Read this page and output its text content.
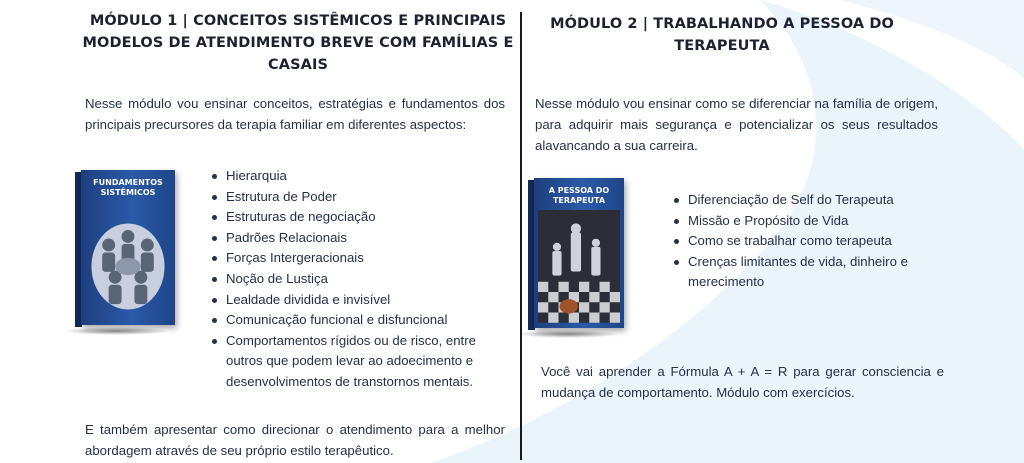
MÓDULO 1 | CONCEITOS SISTÊMICOS E PRINCIPAIS MODELOS DE ATENDIMENTO BREVE COM FAMÍLIAS E CASAIS

Nesse módulo vou ensinar conceitos, estratégias e fundamentos dos principais precursores da terapia familiar em diferentes aspectos:

FUNDAMENTOS SISTÊMICOS
Hierarquia
Estrutura de Poder
Estruturas de negociação
Padrões Relacionais
Forças Intergeracionais
Noção de Lustiça
Lealdade dividida e invisível
Comunicação funcional e disfuncional
Comportamentos rígidos ou de risco, entre outros que podem levar ao adoecimento e desenvolvimentos de transtornos mentais.

E também apresentar como direcionar o atendimento para a melhor abordagem através de seu próprio estilo terapêutico.

MÓDULO 2 | TRABALHANDO A PESSOA DO TERAPEUTA

Nesse módulo vou ensinar como se diferenciar na família de origem, para adquirir mais segurança e potencializar os seus resultados alavancando a sua carreira.

A PESSOA DO TERAPEUTA	Diferenciação de Self do Terapeuta
Missão e Propósito de Vida
Como se trabalhar como terapeuta
Crenças limitantes de vida, dinheiro e merecimento

Você vai aprender a Fórmula A + A = R para gerar consciencia e mudança de comportamento. Módulo com exercícios.
